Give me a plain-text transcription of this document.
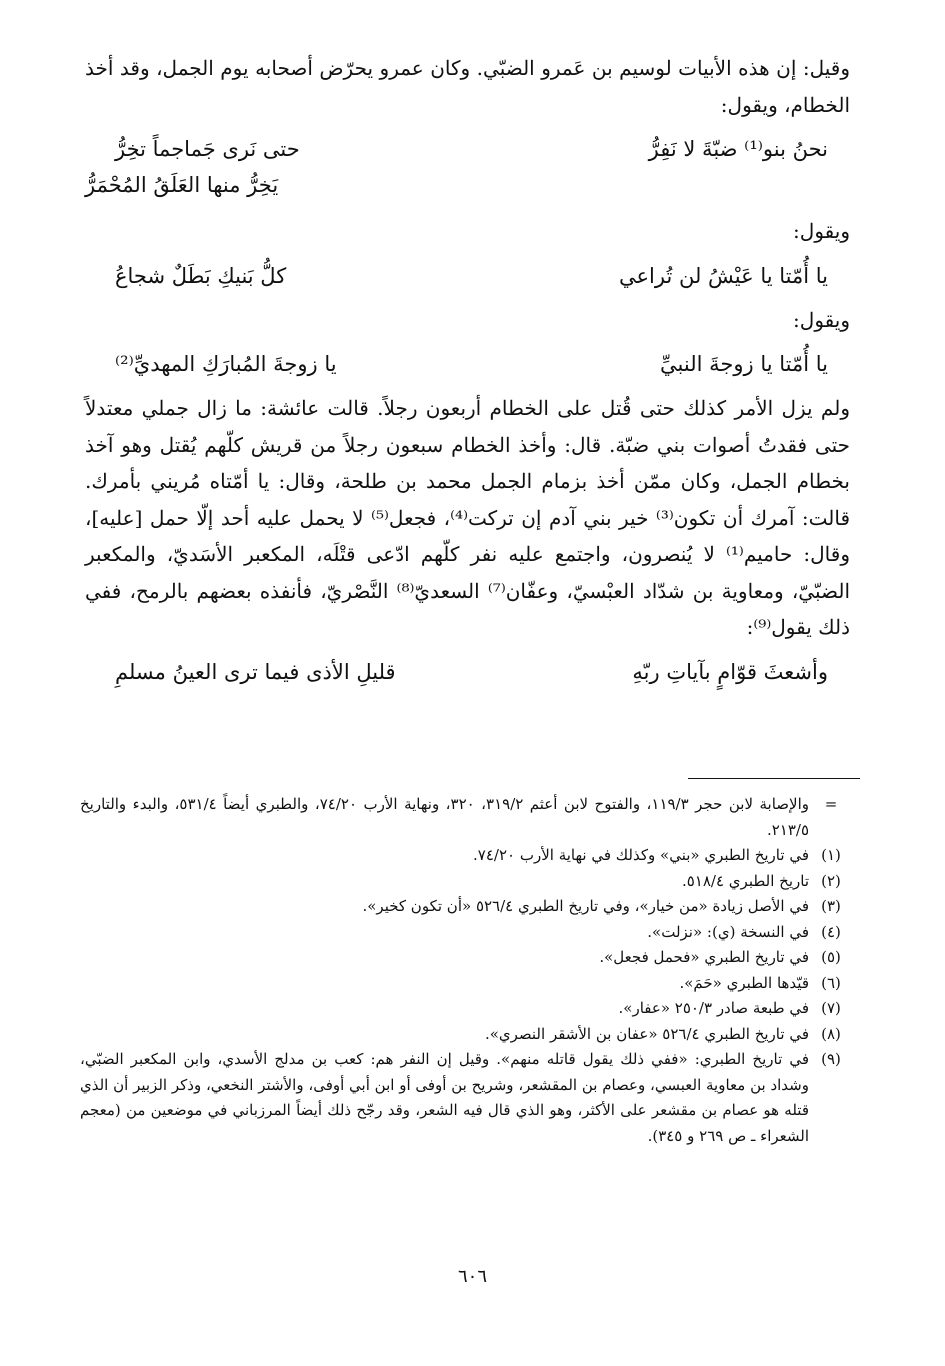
وقيل: إن هذه الأبيات لوسيم بن عَمرو الضبّي. وكان عمرو يحرّض أصحابه يوم الجمل، وقد أخذ الخطام، ويقول:

نحنُ بنو⁽¹⁾ ضبّةَ لا نَفِرُّ
حتى نَرى جَماجماً تخِرُّ
يَخِرُّ منها العَلَقُ المُحْمَرُّ

ويقول:

يا أُمّتا يا عَيْشُ لن تُراعي
كلُّ بَنيكِ بَطَلٌ شجاعُ

ويقول:

يا أُمّتا يا زوجةَ النبيِّ
يا زوجةَ المُبارَكِ المهديِّ⁽²⁾

ولم يزل الأمر كذلك حتى قُتل على الخطام أربعون رجلاً. قالت عائشة: ما زال جملي معتدلاً حتى فقدتُ أصوات بني ضبّة. قال: وأخذ الخطام سبعون رجلاً من قريش كلّهم يُقتل وهو آخذ بخطام الجمل، وكان ممّن أخذ بزمام الجمل محمد بن طلحة، وقال: يا أمّتاه مُريني بأمرك. قالت: آمرك أن تكون⁽³⁾ خير بني آدم إن تركت⁽⁴⁾، فجعل⁽⁵⁾ لا يحمل عليه أحد إلّا حمل [عليه]، وقال: حاميم⁽¹⁾ لا يُنصرون، واجتمع عليه نفر كلّهم ادّعى قتْلَه، المكعبر الأسَديّ، والمكعبر الضبّيّ، ومعاوية بن شدّاد العبْسيّ، وعفّان⁽⁷⁾ السعديّ⁽⁸⁾ النَّصْريّ، فأنفذه بعضهم بالرمح، ففي ذلك يقول⁽⁹⁾:

وأشعثَ قوّامٍ بآياتِ ربّهِ
قليلِ الأذى فيما ترى العينُ مسلمِ
=
والإصابة لابن حجر ١١٩/٣، والفتوح لابن أعثم ٣١٩/٢، ٣٢٠، ونهاية الأرب ٧٤/٢٠، والطبري أيضاً ٥٣١/٤، والبدء والتاريخ ٢١٣/٥.
(١)
في تاريخ الطبري «بني» وكذلك في نهاية الأرب ٧٤/٢٠.
(٢)
تاريخ الطبري ٥١٨/٤.
(٣)
في الأصل زيادة «من خيار»، وفي تاريخ الطبري ٥٢٦/٤ «أن تكون كخير».
(٤)
في النسخة (ي): «نزلت».
(٥)
في تاريخ الطبري «فحمل فجعل».
(٦)
قيّدها الطبري «حَمَ».
(٧)
في طبعة صادر ٢٥٠/٣ «عفار».
(٨)
في تاريخ الطبري ٥٢٦/٤ «عفان بن الأشقر النصري».
(٩)
في تاريخ الطبري: «ففي ذلك يقول قاتله منهم». وقيل إن النفر هم: كعب بن مدلج الأسدي، وابن المكعبر الضبّي، وشداد بن معاوية العبسي، وعصام بن المقشعر، وشريح بن أوفى أو ابن أبي أوفى، والأشتر النخعي، وذكر الزبير أن الذي قتله هو عصام بن مقشعر على الأكثر، وهو الذي قال فيه الشعر، وقد رجّح ذلك أيضاً المرزباني في موضعين من (معجم الشعراء ـ ص ٢٦٩ و ٣٤٥).
٦٠٦
